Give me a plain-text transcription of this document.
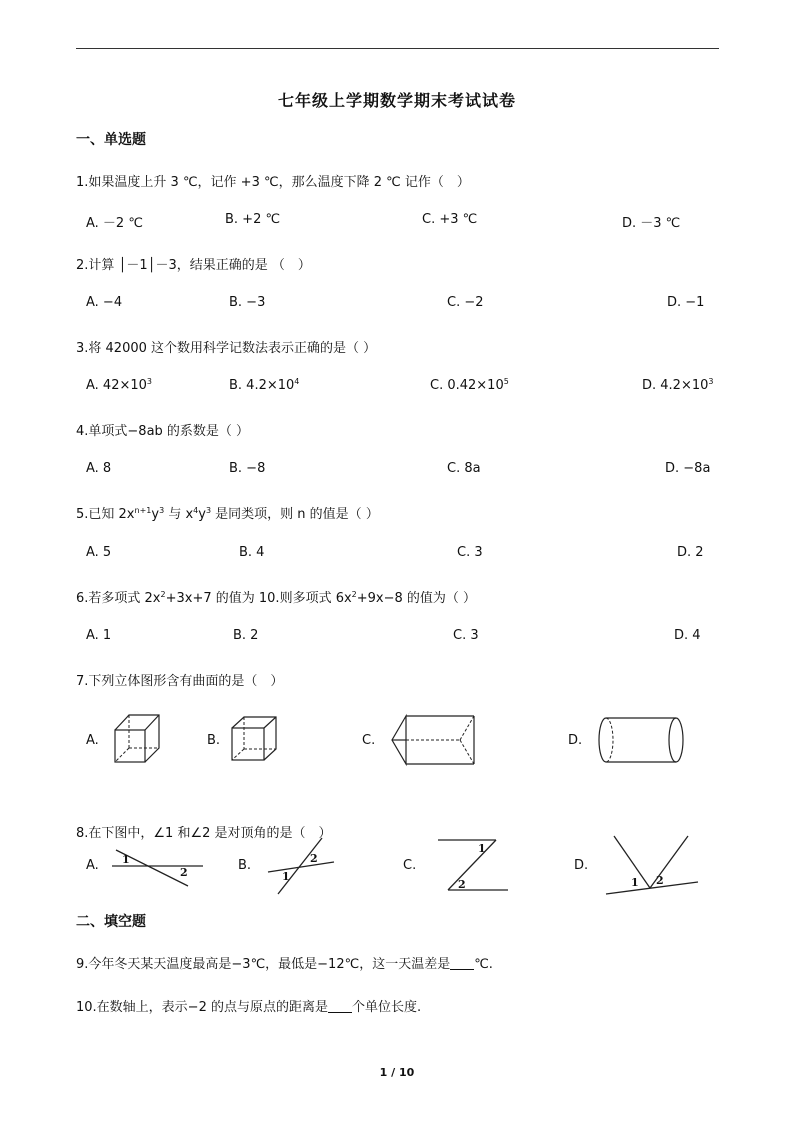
七年级上学期数学期末考试试卷
一、单选题
1.如果温度上升 3 ℃，记作 +3 ℃，那么温度下降 2 ℃ 记作（　）
A. －2 ℃	B. +2 ℃	C. +3 ℃	D. －3 ℃
2.计算 │－1│－3，结果正确的是 （　）
A. −4	B. −3	C. −2	D. −1
3.将 42000 这个数用科学记数法表示正确的是（ ）
A. $42\times 10^3$	B. $4.2\times 10^4$	C. $0.42\times 10^5$	D. $4.2\times 10^3$
4.单项式−8ab 的系数是（ ）
A. 8	B. −8	C. 8a	D. −8a
5.已知 $2x^{n+1}y^3$ 与 $x^4y^3$ 是同类项，则 n 的值是（ ）
A. 5	B. 4	C. 3	D. 2
6.若多项式 $2x^2+3x+7$ 的值为 10.则多项式 $6x^2+9x-8$ 的值为（ ）
A. 1	B. 2	C. 3	D. 4
7.下列立体图形含有曲面的是（　）
A.	B.	C.	D.
8.在下图中，∠1 和∠2 是对顶角的是（　）
A.	B.	C.	D.
1
2	1
2
1
2	1 2
二、填空题
9.今年冬天某天温度最高是−3℃，最低是−12℃，这一天温差是 ℃.
10.在数轴上，表示−2 的点与原点的距离是 个单位长度.
1 / 10
